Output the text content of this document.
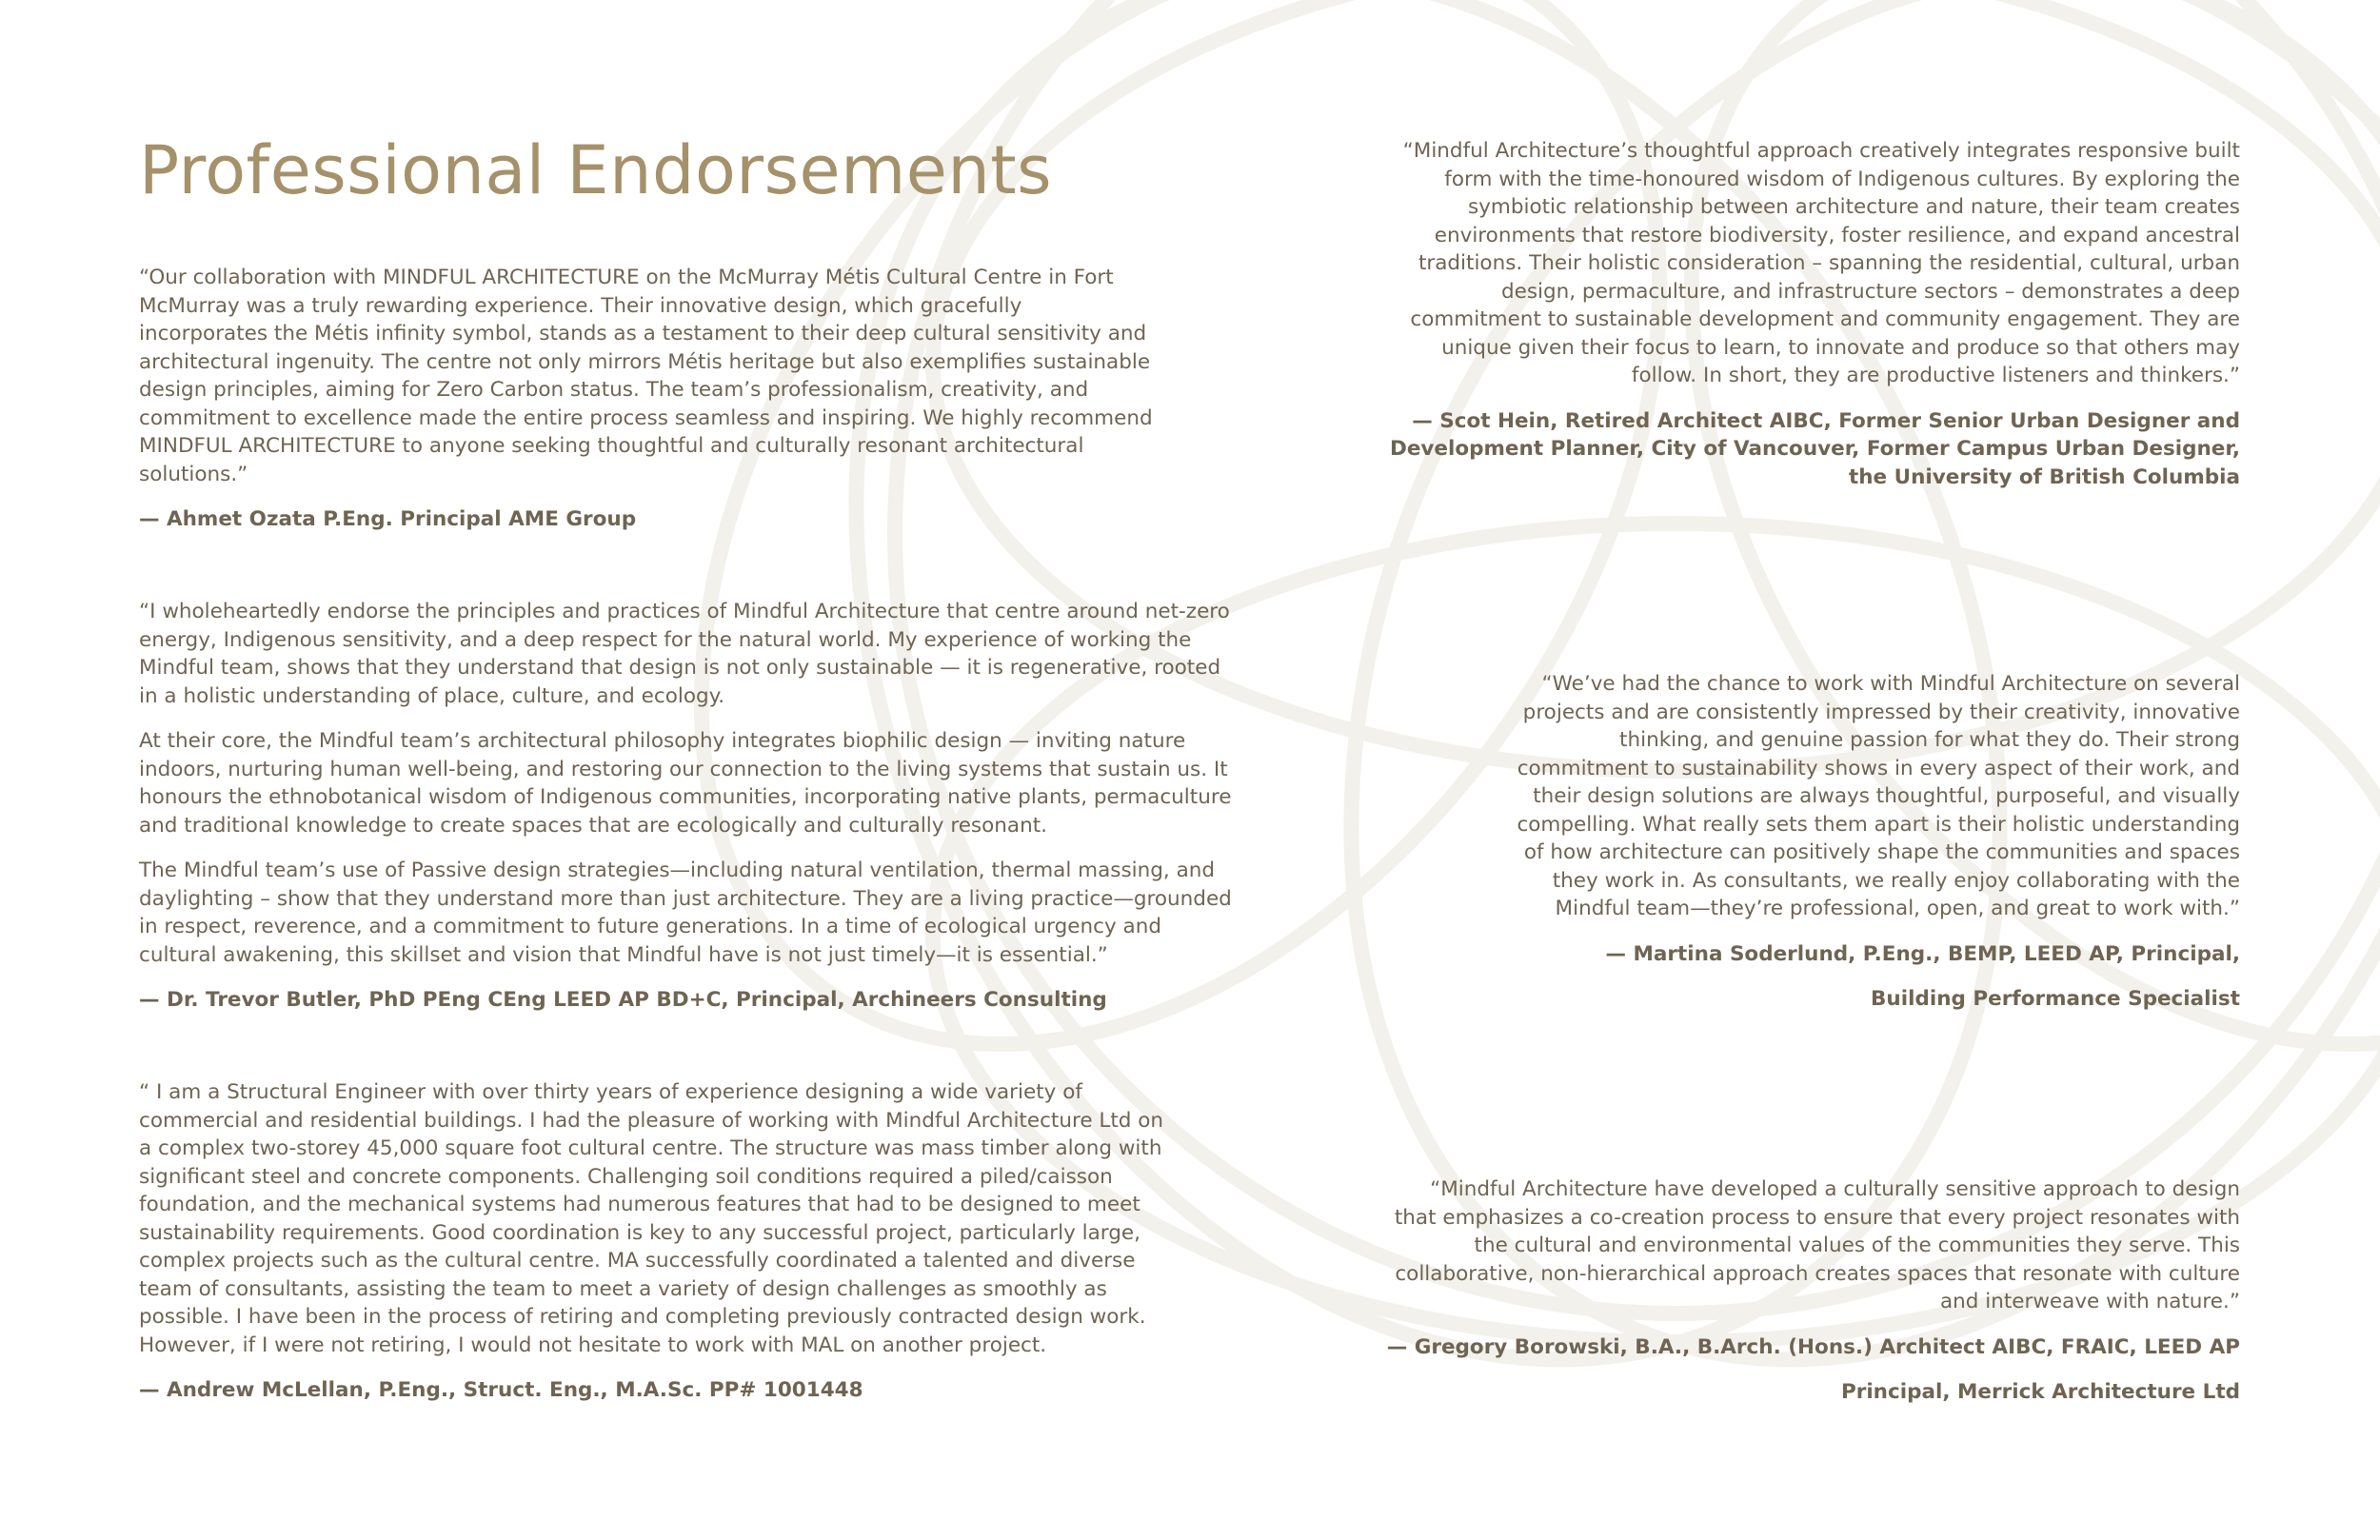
Professional Endorsements

“Our collaboration with MINDFUL ARCHITECTURE on the McMurray Métis Cultural Centre in Fort McMurray was a truly rewarding experience. Their innovative design, which gracefully incorporates the Métis infinity symbol, stands as a testament to their deep cultural sensitivity and architectural ingenuity. The centre not only mirrors Métis heritage but also exemplifies sustainable design principles, aiming for Zero Carbon status. The team’s professionalism, creativity, and commitment to excellence made the entire process seamless and inspiring. We highly recommend MINDFUL ARCHITECTURE to anyone seeking thoughtful and culturally resonant architectural solutions.”

— Ahmet Ozata P.Eng. Principal AME Group

“I wholeheartedly endorse the principles and practices of Mindful Architecture that centre around net-zero energy, Indigenous sensitivity, and a deep respect for the natural world. My experience of working the Mindful team, shows that they understand that design is not only sustainable — it is regenerative, rooted in a holistic understanding of place, culture, and ecology.

At their core, the Mindful team’s architectural philosophy integrates biophilic design — inviting nature indoors, nurturing human well-being, and restoring our connection to the living systems that sustain us. It honours the ethnobotanical wisdom of Indigenous communities, incorporating native plants, permaculture and traditional knowledge to create spaces that are ecologically and culturally resonant.

The Mindful team’s use of Passive design strategies—including natural ventilation, thermal massing, and daylighting – show that they understand more than just architecture. They are a living practice—grounded in respect, reverence, and a commitment to future generations. In a time of ecological urgency and cultural awakening, this skillset and vision that Mindful have is not just timely—it is essential.”

— Dr. Trevor Butler, PhD PEng CEng LEED AP BD+C, Principal, Archineers Consulting

“ I am a Structural Engineer with over thirty years of experience designing a wide variety of commercial and residential buildings. I had the pleasure of working with Mindful Architecture Ltd on a complex two-storey 45,000 square foot cultural centre. The structure was mass timber along with significant steel and concrete components. Challenging soil conditions required a piled/caisson foundation, and the mechanical systems had numerous features that had to be designed to meet sustainability requirements. Good coordination is key to any successful project, particularly large, complex projects such as the cultural centre. MA successfully coordinated a talented and diverse team of consultants, assisting the team to meet a variety of design challenges as smoothly as possible. I have been in the process of retiring and completing previously contracted design work. However, if I were not retiring, I would not hesitate to work with MAL on another project.

— Andrew McLellan, P.Eng., Struct. Eng., M.A.Sc. PP# 1001448

“Mindful Architecture’s thoughtful approach creatively integrates responsive built form with the time-honoured wisdom of Indigenous cultures. By exploring the symbiotic relationship between architecture and nature, their team creates environments that restore biodiversity, foster resilience, and expand ancestral traditions. Their holistic consideration – spanning the residential, cultural, urban design, permaculture, and infrastructure sectors – demonstrates a deep commitment to sustainable development and community engagement. They are unique given their focus to learn, to innovate and produce so that others may follow. In short, they are productive listeners and thinkers.”

— Scot Hein, Retired Architect AIBC, Former Senior Urban Designer and Development Planner, City of Vancouver, Former Campus Urban Designer, the University of British Columbia

“We’ve had the chance to work with Mindful Architecture on several projects and are consistently impressed by their creativity, innovative thinking, and genuine passion for what they do. Their strong commitment to sustainability shows in every aspect of their work, and their design solutions are always thoughtful, purposeful, and visually compelling. What really sets them apart is their holistic understanding of how architecture can positively shape the communities and spaces they work in. As consultants, we really enjoy collaborating with the Mindful team—they’re professional, open, and great to work with.”

— Martina Soderlund, P.Eng., BEMP, LEED AP, Principal,

Building Performance Specialist

“Mindful Architecture have developed a culturally sensitive approach to design that emphasizes a co-creation process to ensure that every project resonates with the cultural and environmental values of the communities they serve. This collaborative, non-hierarchical approach creates spaces that resonate with culture and interweave with nature.”

— Gregory Borowski, B.A., B.Arch. (Hons.) Architect AIBC, FRAIC, LEED AP

Principal, Merrick Architecture Ltd
